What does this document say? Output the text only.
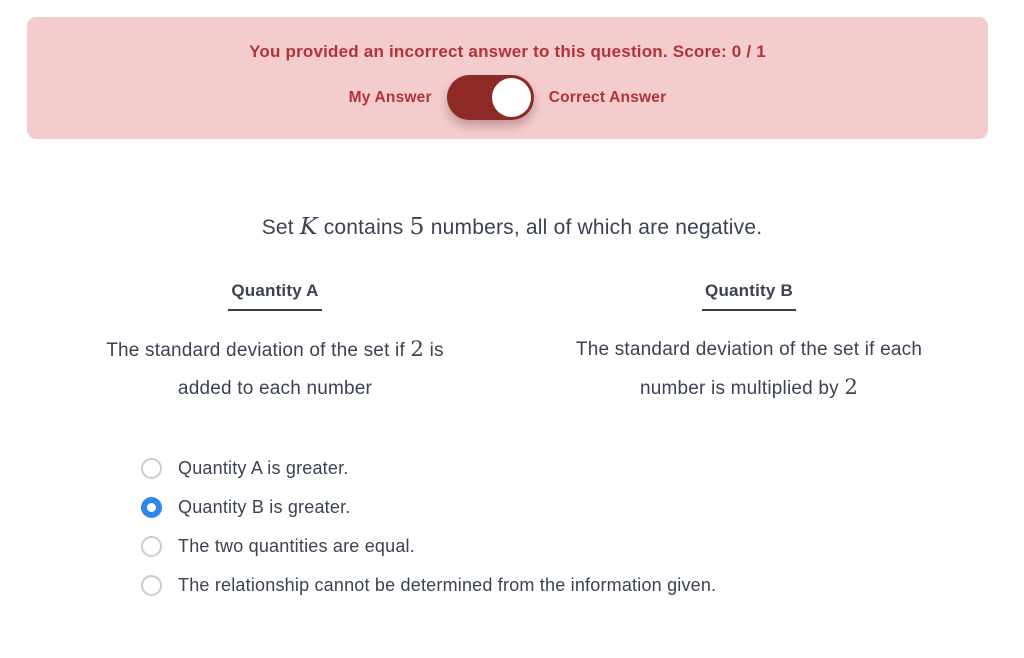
You provided an incorrect answer to this question. Score: 0 / 1
My Answer	Correct Answer

Set K contains 5 numbers, all of which are negative.

Quantity A

The standard deviation of the set if 2 is
added to each number

Quantity B

The standard deviation of the set if each
number is multiplied by 2

Quantity A is greater.
Quantity B is greater.
The two quantities are equal.
The relationship cannot be determined from the information given.
